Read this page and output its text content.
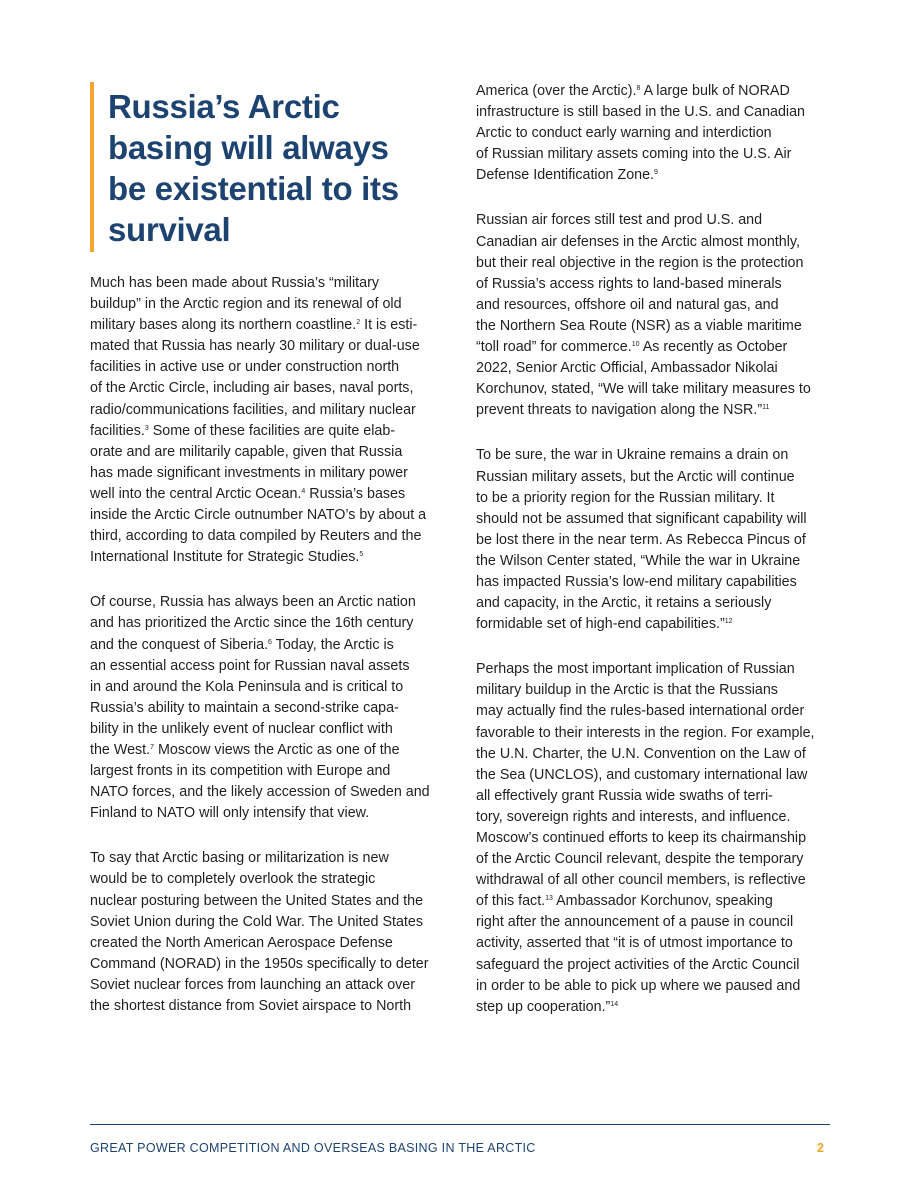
Russia’s Arctic
basing will always
be existential to its
survival

Much has been made about Russia’s “military
buildup” in the Arctic region and its renewal of old
military bases along its northern coastline.$^2$ It is esti-
mated that Russia has nearly 30 military or dual-use
facilities in active use or under construction north
of the Arctic Circle, including air bases, naval ports,
radio/communications facilities, and military nuclear
facilities.$^3$ Some of these facilities are quite elab-
orate and are militarily capable, given that Russia
has made significant investments in military power
well into the central Arctic Ocean.$^4$ Russia’s bases
inside the Arctic Circle outnumber NATO’s by about a
third, according to data compiled by Reuters and the
International Institute for Strategic Studies.$^5$

Of course, Russia has always been an Arctic nation
and has prioritized the Arctic since the 16th century
and the conquest of Siberia.$^6$ Today, the Arctic is
an essential access point for Russian naval assets
in and around the Kola Peninsula and is critical to
Russia’s ability to maintain a second-strike capa-
bility in the unlikely event of nuclear conflict with
the West.$^7$ Moscow views the Arctic as one of the
largest fronts in its competition with Europe and
NATO forces, and the likely accession of Sweden and
Finland to NATO will only intensify that view.

To say that Arctic basing or militarization is new
would be to completely overlook the strategic
nuclear posturing between the United States and the
Soviet Union during the Cold War. The United States
created the North American Aerospace Defense
Command (NORAD) in the 1950s specifically to deter
Soviet nuclear forces from launching an attack over
the shortest distance from Soviet airspace to North

America (over the Arctic).$^8$ A large bulk of NORAD
infrastructure is still based in the U.S. and Canadian
Arctic to conduct early warning and interdiction
of Russian military assets coming into the U.S. Air
Defense Identification Zone.$^9$

Russian air forces still test and prod U.S. and
Canadian air defenses in the Arctic almost monthly,
but their real objective in the region is the protection
of Russia’s access rights to land-based minerals
and resources, offshore oil and natural gas, and
the Northern Sea Route (NSR) as a viable maritime
“toll road” for commerce.$^{10}$ As recently as October
2022, Senior Arctic Official, Ambassador Nikolai
Korchunov, stated, “We will take military measures to
prevent threats to navigation along the NSR.”$^{11}$

To be sure, the war in Ukraine remains a drain on
Russian military assets, but the Arctic will continue
to be a priority region for the Russian military. It
should not be assumed that significant capability will
be lost there in the near term. As Rebecca Pincus of
the Wilson Center stated, “While the war in Ukraine
has impacted Russia’s low-end military capabilities
and capacity, in the Arctic, it retains a seriously
formidable set of high-end capabilities.”$^{12}$

Perhaps the most important implication of Russian
military buildup in the Arctic is that the Russians
may actually find the rules-based international order
favorable to their interests in the region. For example,
the U.N. Charter, the U.N. Convention on the Law of
the Sea (UNCLOS), and customary international law
all effectively grant Russia wide swaths of terri-
tory, sovereign rights and interests, and influence.
Moscow’s continued efforts to keep its chairmanship
of the Arctic Council relevant, despite the temporary
withdrawal of all other council members, is reflective
of this fact.$^{13}$ Ambassador Korchunov, speaking
right after the announcement of a pause in council
activity, asserted that “it is of utmost importance to
safeguard the project activities of the Arctic Council
in order to be able to pick up where we paused and
step up cooperation.”$^{14}$

GREAT POWER COMPETITION AND OVERSEAS BASING IN THE ARCTIC	2
